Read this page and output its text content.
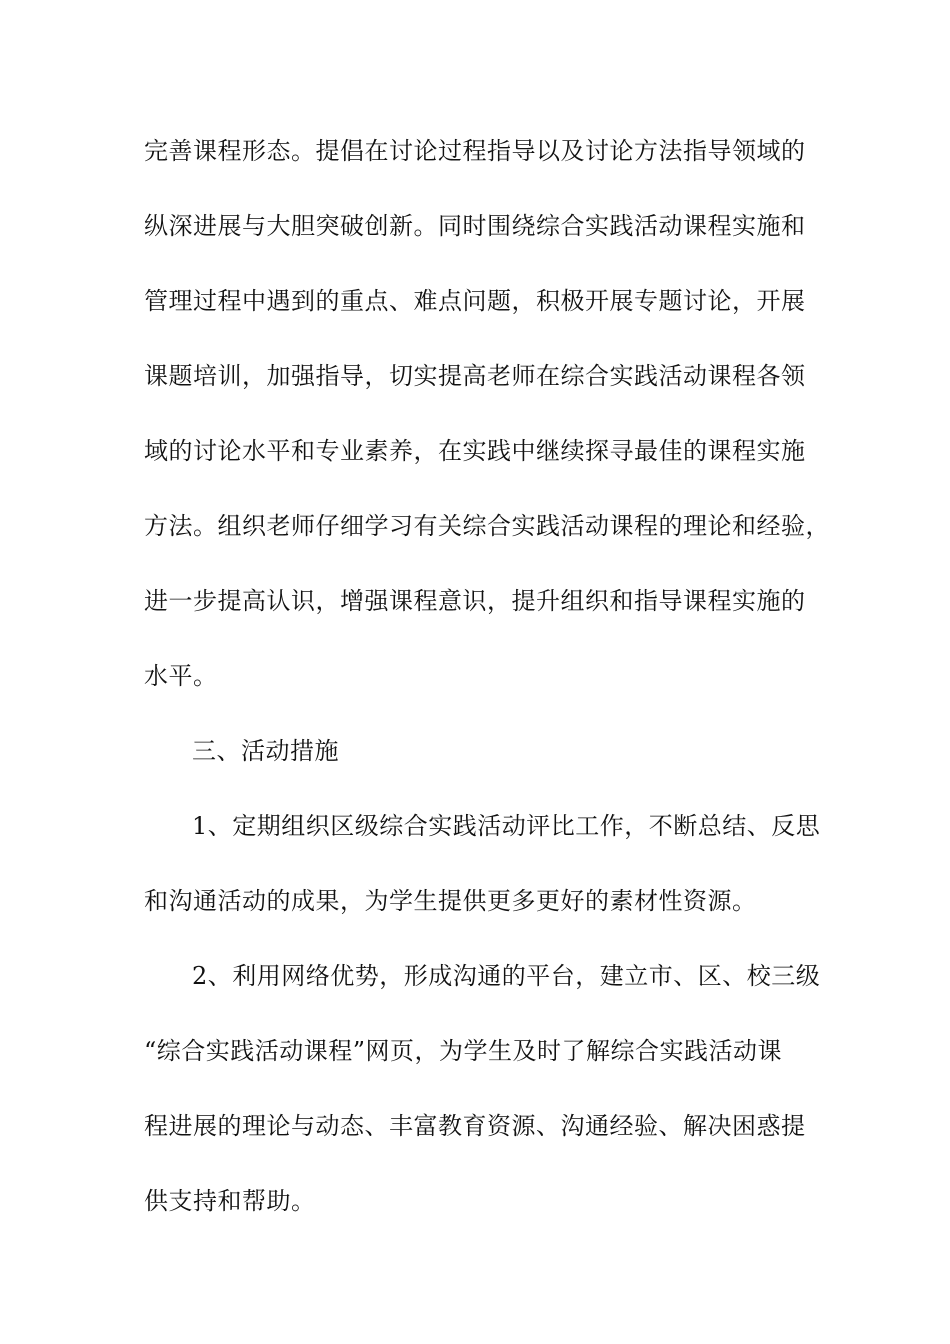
完善课程形态。提倡在讨论过程指导以及讨论方法指导领域的
纵深进展与大胆突破创新。同时围绕综合实践活动课程实施和
管理过程中遇到的重点、难点问题，积极开展专题讨论，开展
课题培训，加强指导，切实提高老师在综合实践活动课程各领
域的讨论水平和专业素养，在实践中继续探寻最佳的课程实施
方法。组织老师仔细学习有关综合实践活动课程的理论和经验，
进一步提高认识，增强课程意识，提升组织和指导课程实施的
水平。
三、活动措施
1、定期组织区级综合实践活动评比工作，不断总结、反思
和沟通活动的成果，为学生提供更多更好的素材性资源。
2、利用网络优势，形成沟通的平台，建立市、区、校三级
“综合实践活动课程”网页，为学生及时了解综合实践活动课
程进展的理论与动态、丰富教育资源、沟通经验、解决困惑提
供支持和帮助。
